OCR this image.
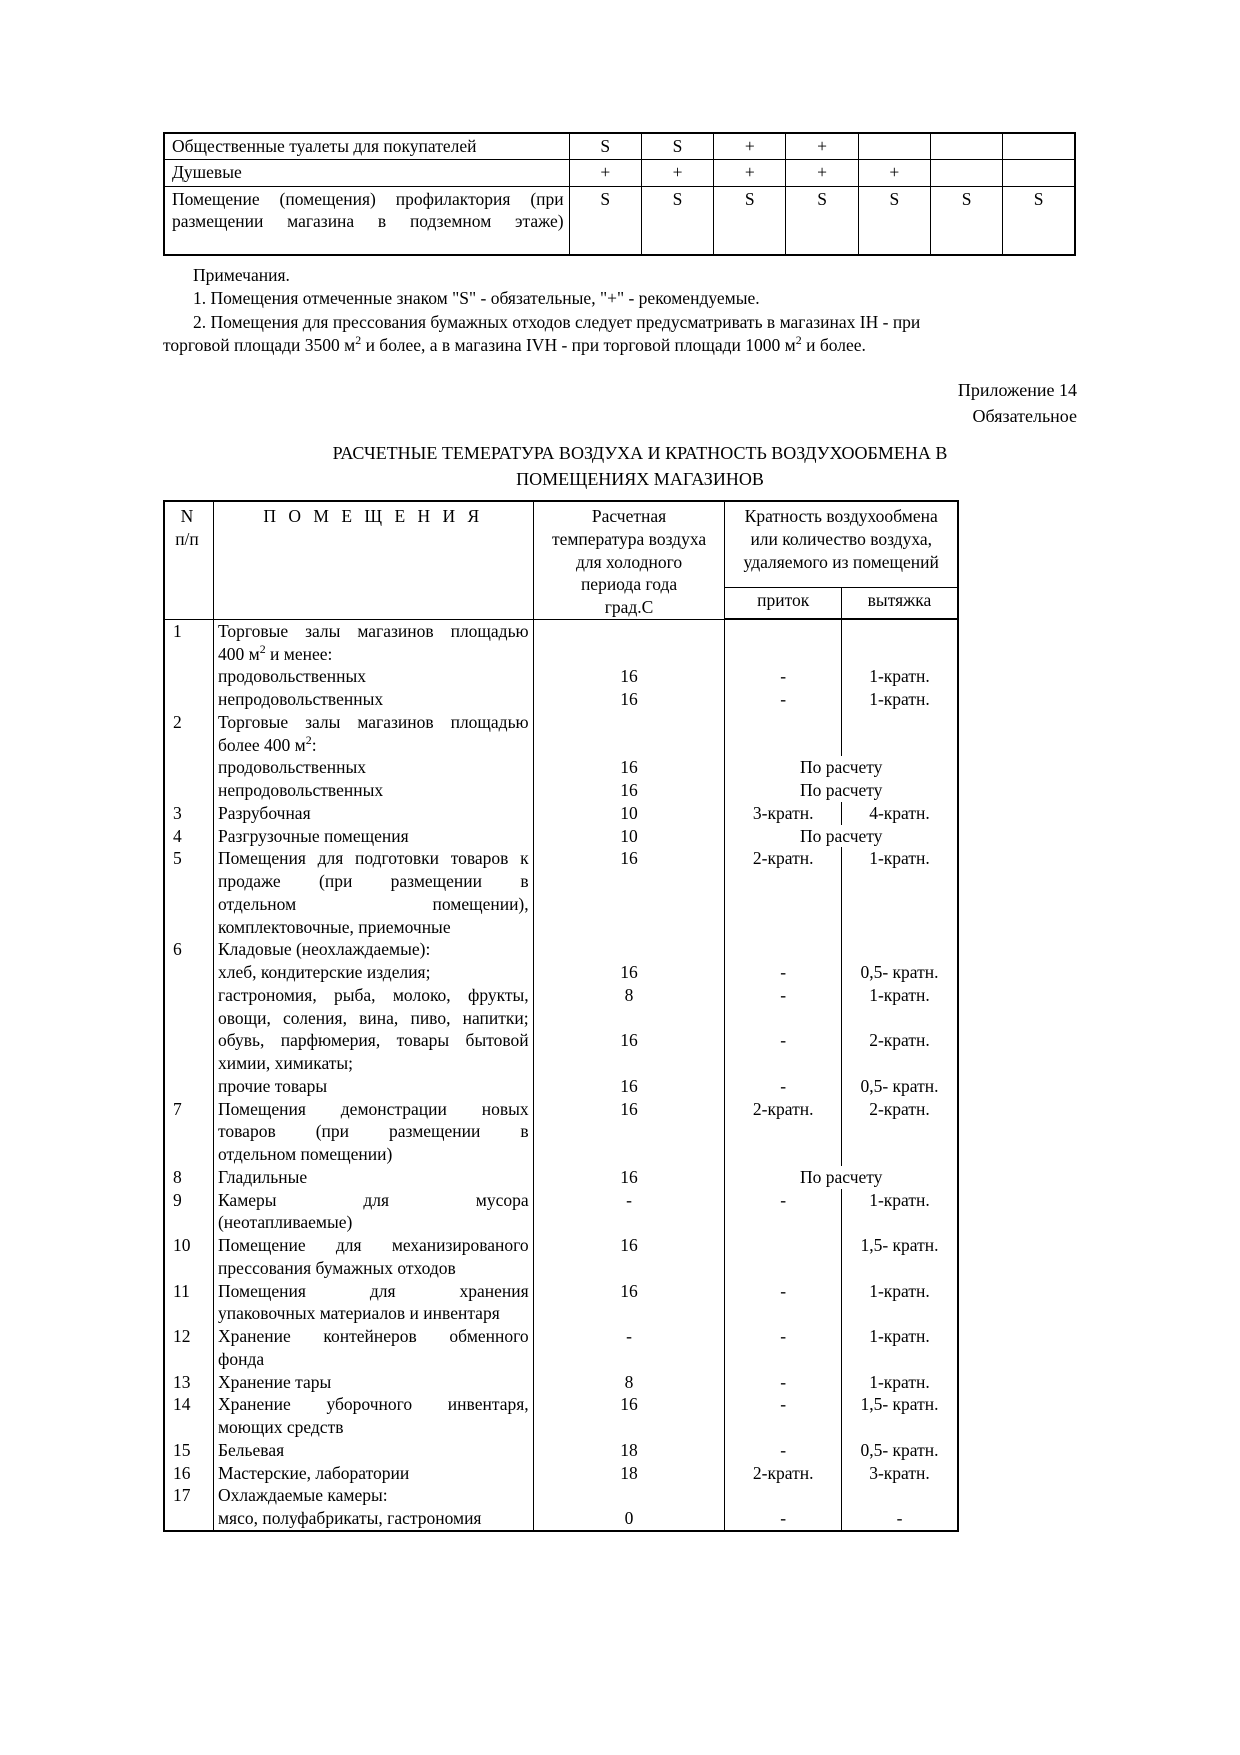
Общественные туалеты для покупателей	S	S	+	+			
Душевые	+	+	+	+	+		
Помещение (помещения) профилактория (при размещении магазина в подземном этаже)	S	S	S	S	S	S	S

Примечания.

1. Помещения отмеченные знаком "S" - обязательные, "+" - рекомендуемые.

2. Помещения для прессования бумажных отходов следует предусматривать в магазинах IH - при

торговой площади 3500 $м^2$ и более, а в магазина IVH - при торговой площади 1000 $м^2$ и более.

Приложение 14
Обязательное
РАСЧЕТНЫЕ ТЕМЕРАТУРА ВОЗДУХА И КРАТНОСТЬ ВОЗДУХООБМЕНА В
ПОМЕЩЕНИЯХ МАГАЗИНОВ
N
п/п

П О М Е Щ Е Н И Я	Расчетная
температура воздуха
для холодного
периода года
град.С

Кратность воздухообмена
или количество воздуха,
удаляемого из помещений

			приток	вытяжка
1	Торговые залы магазинов площадью			
	400 $м^2$ и менее:			
	продовольственных	16	-	1-кратн.
	непродовольственных	16	-	1-кратн.
2	Торговые залы магазинов площадью			
	более 400 $м^2$:			
	продовольственных	16	По расчету	
	непродовольственных	16	По расчету	
3	Разрубочная	10	3-кратн.	4-кратн.
4	Разгрузочные помещения	10	По расчету	
5	Помещения для подготовки товаров к	16	2-кратн.	1-кратн.
	продаже (при размещении в			
	отдельном помещении),			
	комплектовочные, приемочные			
6	Кладовые (неохлаждаемые):			
	хлеб, кондитерские изделия;	16	-	0,5- кратн.
	гастрономия, рыба, молоко, фрукты,	8	-	1-кратн.
	овощи, соления, вина, пиво, напитки;			
	обувь, парфюмерия, товары бытовой	16	-	2-кратн.
	химии, химикаты;			
	прочие товары	16	-	0,5- кратн.
7	Помещения демонстрации новых	16	2-кратн.	2-кратн.
	товаров (при размещении в			
	отдельном помещении)			
8	Гладильные	16	По расчету	
9	Камеры для мусора	-	-	1-кратн.
	(неотапливаемые)			
10	Помещение для механизированого	16		1,5- кратн.
	прессования бумажных отходов			
11	Помещения для хранения	16	-	1-кратн.
	упаковочных материалов и инвентаря			
12	Хранение контейнеров обменного	-	-	1-кратн.
	фонда			
13	Хранение тары	8	-	1-кратн.
14	Хранение уборочного инвентаря,	16	-	1,5- кратн.
	моющих средств			
15	Бельевая	18	-	0,5- кратн.
16	Мастерские, лаборатории	18	2-кратн.	3-кратн.
17	Охлаждаемые камеры:			
	мясо, полуфабрикаты, гастрономия	0	-	-
